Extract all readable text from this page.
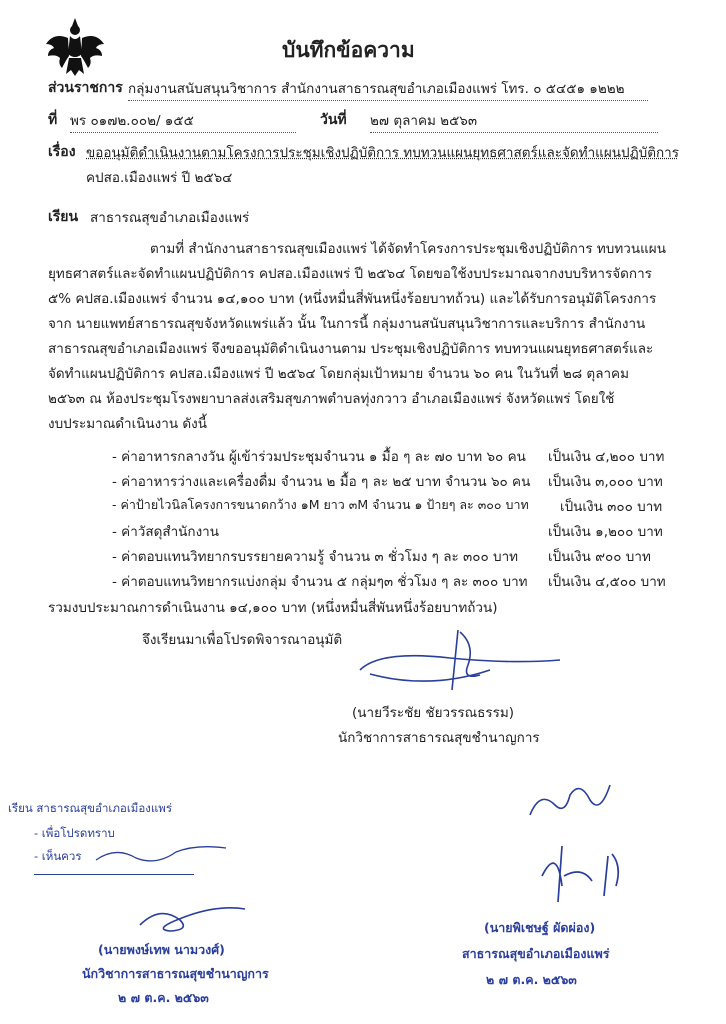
บันทึกข้อความ
ส่วนราชการ กลุ่มงานสนับสนุนวิชาการ สำนักงานสาธารณสุขอำเภอเมืองแพร่ โทร. ๐ ๕๔๕๑ ๑๒๒๒
ที่ พร ๐๑๗๒.๐๐๒/ ๑๕๕	วันที่ ๒๗ ตุลาคม ๒๕๖๓
เรื่อง ขออนุมัติดำเนินงานตามโครงการประชุมเชิงปฏิบัติการ ทบทวนแผนยุทธศาสตร์และจัดทำแผนปฏิบัติการ
คปสอ.เมืองแพร่ ปี ๒๕๖๔
เรียน สาธารณสุขอำเภอเมืองแพร่
ตามที่ สำนักงานสาธารณสุขเมืองแพร่ ได้จัดทำโครงการประชุมเชิงปฏิบัติการ ทบทวนแผน
ยุทธศาสตร์และจัดทำแผนปฏิบัติการ คปสอ.เมืองแพร่ ปี ๒๕๖๔ โดยขอใช้งบประมาณจากงบบริหารจัดการ
๕% คปสอ.เมืองแพร่ จำนวน ๑๔,๑๐๐ บาท (หนึ่งหมื่นสี่พันหนึ่งร้อยบาทถ้วน) และได้รับการอนุมัติโครงการ
จาก นายแพทย์สาธารณสุขจังหวัดแพร่แล้ว นั้น ในการนี้ กลุ่มงานสนับสนุนวิชาการและบริการ สำนักงาน
สาธารณสุขอำเภอเมืองแพร่ จึงขออนุมัติดำเนินงานตาม ประชุมเชิงปฏิบัติการ ทบทวนแผนยุทธศาสตร์และ
จัดทำแผนปฏิบัติการ คปสอ.เมืองแพร่ ปี ๒๕๖๔ โดยกลุ่มเป้าหมาย จำนวน ๖๐ คน ในวันที่ ๒๘ ตุลาคม
๒๕๖๓ ณ ห้องประชุมโรงพยาบาลส่งเสริมสุขภาพตำบลทุ่งกวาว อำเภอเมืองแพร่ จังหวัดแพร่ โดยใช้
งบประมาณดำเนินงาน ดังนี้
- ค่าอาหารกลางวัน ผู้เข้าร่วมประชุมจำนวน ๑ มื้อ ๆ ละ ๗๐ บาท ๖๐ คน เป็นเงิน ๔,๒๐๐ บาท
- ค่าอาหารว่างและเครื่องดื่ม จำนวน ๒ มื้อ ๆ ละ ๒๕ บาท จำนวน ๖๐ คน เป็นเงิน ๓,๐๐๐ บาท
- ค่าป้ายไวนิลโครงการขนาดกว้าง ๑M ยาว ๓M จำนวน ๑ ป้ายๆ ละ ๓๐๐ บาท เป็นเงิน ๓๐๐ บาท
- ค่าวัสดุสำนักงาน	เป็นเงิน ๑,๒๐๐ บาท
- ค่าตอบแทนวิทยากรบรรยายความรู้ จำนวน ๓ ชั่วโมง ๆ ละ ๓๐๐ บาท เป็นเงิน ๙๐๐ บาท
- ค่าตอบแทนวิทยากรแบ่งกลุ่ม จำนวน ๕ กลุ่มๆ๓ ชั่วโมง ๆ ละ ๓๐๐ บาท เป็นเงิน ๔,๕๐๐ บาท
รวมงบประมาณการดำเนินงาน ๑๔,๑๐๐ บาท (หนึ่งหมื่นสี่พันหนึ่งร้อยบาทถ้วน)
จึงเรียนมาเพื่อโปรดพิจารณาอนุมัติ
(นายวีระชัย ชัยวรรณธรรม)
นักวิชาการสาธารณสุขชำนาญการ
เรียน สาธารณสุขอำเภอเมืองแพร่
- เพื่อโปรดทราบ
- เห็นควร
(นายพงษ์เทพ นามวงศ์)
นักวิชาการสาธารณสุขชำนาญการ
๒ ๗ ต.ค. ๒๕๖๓
(นายพิเชษฐ์ ผัดผ่อง)
สาธารณสุขอำเภอเมืองแพร่
๒ ๗ ต.ค. ๒๕๖๓
